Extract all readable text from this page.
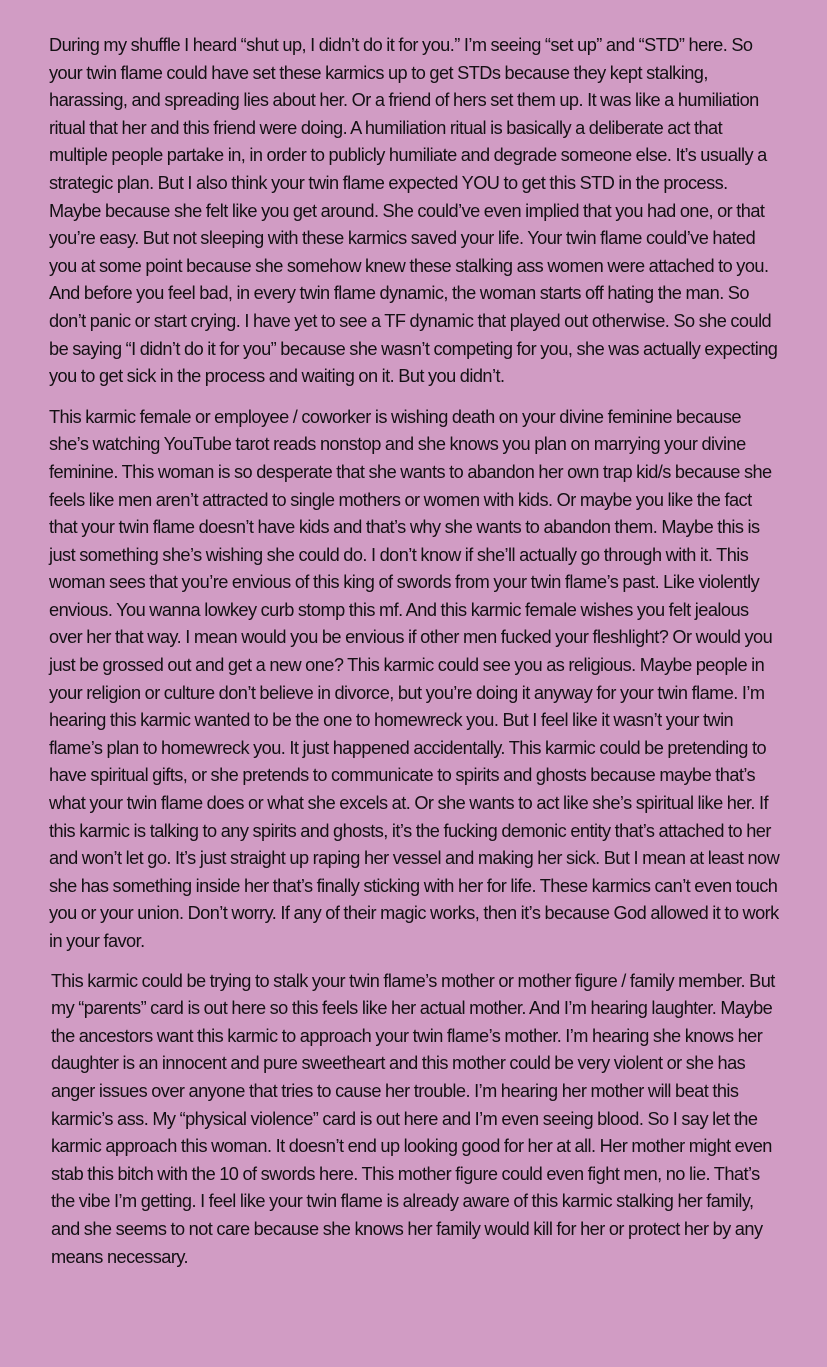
During my shuffle I heard “shut up, I didn’t do it for you.” I’m seeing “set up” and “STD” here. So your twin flame could have set these karmics up to get STDs because they kept stalking, harassing, and spreading lies about her. Or a friend of hers set them up. It was like a humiliation ritual that her and this friend were doing. A humiliation ritual is basically a deliberate act that multiple people partake in, in order to publicly humiliate and degrade someone else. It’s usually a strategic plan. But I also think your twin flame expected YOU to get this STD in the process. Maybe because she felt like you get around. She could’ve even implied that you had one, or that you’re easy. But not sleeping with these karmics saved your life. Your twin flame could’ve hated you at some point because she somehow knew these stalking ass women were attached to you. And before you feel bad, in every twin flame dynamic, the woman starts off hating the man. So don’t panic or start crying. I have yet to see a TF dynamic that played out otherwise. So she could be saying “I didn’t do it for you” because she wasn’t competing for you, she was actually expecting you to get sick in the process and waiting on it. But you didn’t.

This karmic female or employee / coworker is wishing death on your divine feminine because she’s watching YouTube tarot reads nonstop and she knows you plan on marrying your divine feminine. This woman is so desperate that she wants to abandon her own trap kid/s because she feels like men aren’t attracted to single mothers or women with kids. Or maybe you like the fact that your twin flame doesn’t have kids and that’s why she wants to abandon them. Maybe this is just something she’s wishing she could do. I don’t know if she’ll actually go through with it. This woman sees that you’re envious of this king of swords from your twin flame’s past. Like violently envious. You wanna lowkey curb stomp this mf. And this karmic female wishes you felt jealous over her that way. I mean would you be envious if other men fucked your fleshlight? Or would you just be grossed out and get a new one? This karmic could see you as religious. Maybe people in your religion or culture don’t believe in divorce, but you’re doing it anyway for your twin flame. I’m hearing this karmic wanted to be the one to homewreck you. But I feel like it wasn’t your twin flame’s plan to homewreck you. It just happened accidentally. This karmic could be pretending to have spiritual gifts, or she pretends to communicate to spirits and ghosts because maybe that’s what your twin flame does or what she excels at. Or she wants to act like she’s spiritual like her. If this karmic is talking to any spirits and ghosts, it’s the fucking demonic entity that’s attached to her and won’t let go. It’s just straight up raping her vessel and making her sick. But I mean at least now she has something inside her that’s finally sticking with her for life. These karmics can’t even touch you or your union. Don’t worry. If any of their magic works, then it’s because God allowed it to work in your favor.

This karmic could be trying to stalk your twin flame’s mother or mother figure / family member. But my “parents” card is out here so this feels like her actual mother. And I’m hearing laughter. Maybe the ancestors want this karmic to approach your twin flame’s mother. I’m hearing she knows her daughter is an innocent and pure sweetheart and this mother could be very violent or she has anger issues over anyone that tries to cause her trouble. I’m hearing her mother will beat this karmic’s ass. My “physical violence” card is out here and I’m even seeing blood. So I say let the karmic approach this woman. It doesn’t end up looking good for her at all. Her mother might even stab this bitch with the 10 of swords here. This mother figure could even fight men, no lie. That’s the vibe I’m getting. I feel like your twin flame is already aware of this karmic stalking her family, and she seems to not care because she knows her family would kill for her or protect her by any means necessary.
